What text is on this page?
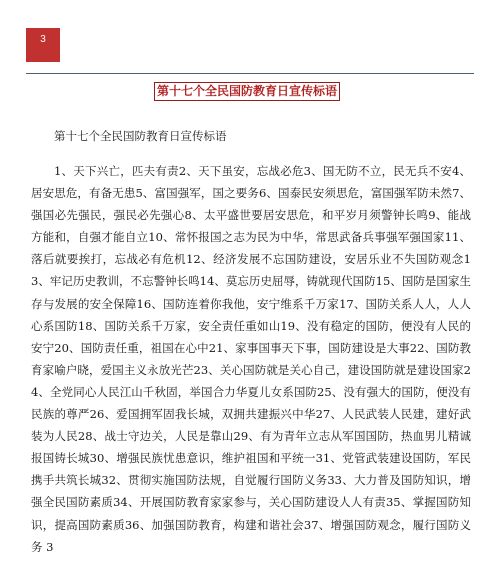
3
第十七个全民国防教育日宣传标语
第十七个全民国防教育日宣传标语
1、天下兴亡，匹夫有责2、天下虽安，忘战必危3、国无防不立，民无兵不安4、居安思危，有备无患5、富国强军，国之要务6、国泰民安须思危，富国强军防未然7、强国必先强民，强民必先强心8、太平盛世要居安思危，和平岁月须警钟长鸣9、能战方能和，自强才能自立10、常怀报国之志为民为中华，常思武备兵事强军强国家11、落后就要挨打，忘战必有危机12、经济发展不忘国防建设，安居乐业不失国防观念13、牢记历史教训，不忘警钟长鸣14、莫忘历史屈辱，铸就现代国防15、国防是国家生存与发展的安全保障16、国防连着你我他，安宁维系千万家17、国防关系人人，人人心系国防18、国防关系千万家，安全责任重如山19、没有稳定的国防，便没有人民的安宁20、国防责任重，祖国在心中21、家事国事天下事，国防建设是大事22、国防教育家喻户晓，爱国主义永放光芒23、关心国防就是关心自己，建设国防就是建设国家24、全党同心人民江山千秋固，举国合力华夏儿女系国防25、没有强大的国防，便没有民族的尊严26、爱国拥军固我长城，双拥共建振兴中华27、人民武装人民建，建好武装为人民28、战士守边关，人民是靠山29、有为青年立志从军国国防，热血男儿精诚报国铸长城30、增强民族忧患意识，维护祖国和平统一31、党管武装建设国防，军民携手共筑长城32、贯彻实施国防法规，自觉履行国防义务33、大力普及国防知识，增强全民国防素质34、开展国防教育家家参与，关心国防建设人人有责35、掌握国防知识，提高国防素质36、加强国防教育，构建和谐社会37、增强国防观念，履行国防义务 3
